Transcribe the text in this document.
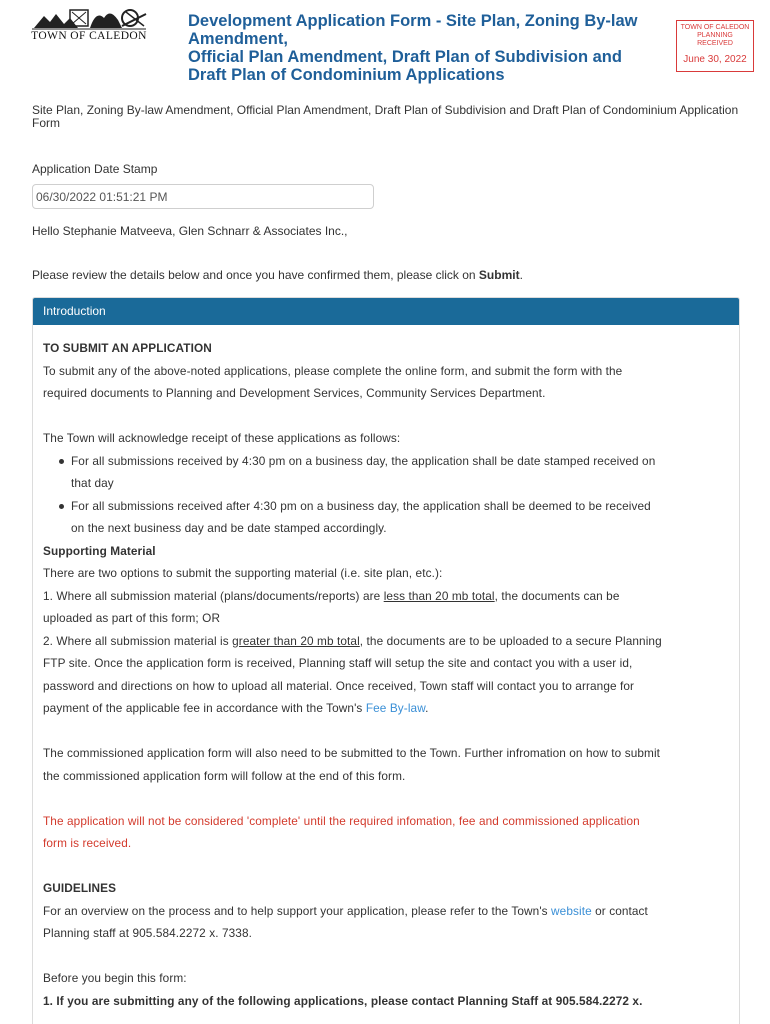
TOWN OF CALEDON
Development Application Form - Site Plan, Zoning By-law
Amendment,
Official Plan Amendment, Draft Plan of Subdivision and
Draft Plan of Condominium Applications
TOWN OF CALEDON
PLANNING
RECEIVED
June 30, 2022
Site Plan, Zoning By-law Amendment, Official Plan Amendment, Draft Plan of Subdivision and Draft Plan of Condominium Application Form
Application Date Stamp
06/30/2022 01:51:21 PM
Hello Stephanie Matveeva, Glen Schnarr & Associates Inc.,
Please review the details below and once you have confirmed them, please click on Submit.
Introduction

TO SUBMIT AN APPLICATION

To submit any of the above-noted applications, please complete the online form, and submit the form with the

required documents to Planning and Development Services, Community Services Department.

The Town will acknowledge receipt of these applications as follows:

For all submissions received by 4:30 pm on a business day, the application shall be date stamped received on
that day
For all submissions received after 4:30 pm on a business day, the application shall be deemed to be received
on the next business day and be date stamped accordingly.

Supporting Material

There are two options to submit the supporting material (i.e. site plan, etc.):

1. Where all submission material (plans/documents/reports) are less than 20 mb total, the documents can be

uploaded as part of this form; OR

2. Where all submission material is greater than 20 mb total, the documents are to be uploaded to a secure Planning

FTP site. Once the application form is received, Planning staff will setup the site and contact you with a user id,

password and directions on how to upload all material. Once received, Town staff will contact you to arrange for

payment of the applicable fee in accordance with the Town's Fee By-law.

The commissioned application form will also need to be submitted to the Town. Further infromation on how to submit

the commissioned application form will follow at the end of this form.

The application will not be considered 'complete' until the required infomation, fee and commissioned application

form is received.

GUIDELINES

For an overview on the process and to help support your application, please refer to the Town's website or contact

Planning staff at 905.584.2272 x. 7338.

Before you begin this form:

1. If you are submitting any of the following applications, please contact Planning Staff at 905.584.2272 x.
